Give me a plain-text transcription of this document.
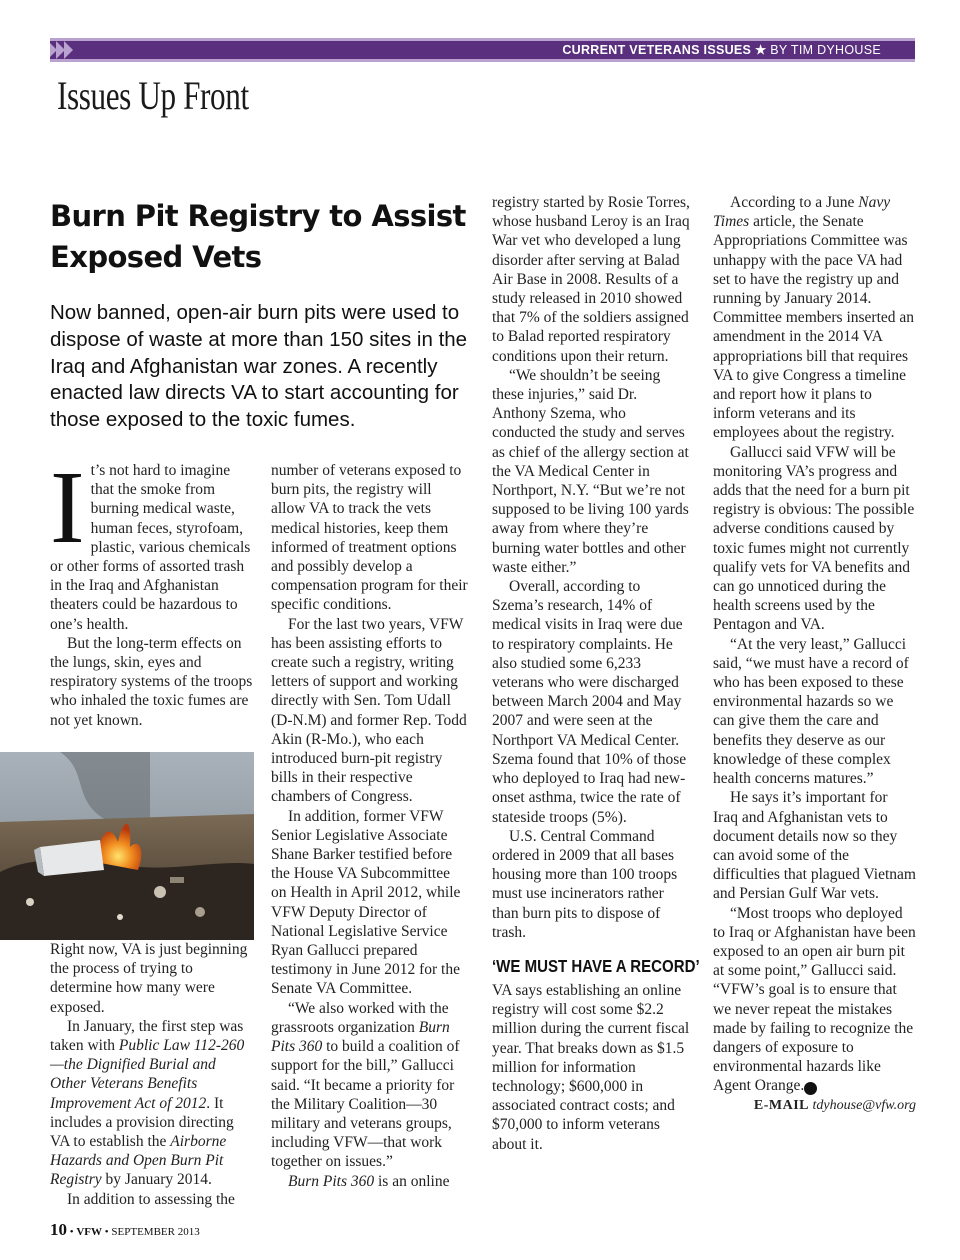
CURRENT VETERANS ISSUES ★ BY TIM DYHOUSE
Issues Up Front
Burn Pit Registry to Assist Exposed Vets
Now banned, open-air burn pits were used to dispose of waste at more than 150 sites in the Iraq and Afghanistan war zones. A recently enacted law directs VA to start accounting for those exposed to the toxic fumes.
I t’s not hard to imagine that the smoke from burning medical waste, human feces, styrofoam, plastic, various chemicals or other forms of assorted trash in the Iraq and Afghanistan theaters could be hazardous to one’s health.

But the long-term effects on the lungs, skin, eyes and respiratory systems of the troops who inhaled the toxic fumes are not yet known.

Right now, VA is just beginning the process of trying to determine how many were exposed.

In January, the first step was taken with Public Law 112-260—the Dignified Burial and Other Veterans Benefits Improvement Act of 2012. It includes a provision directing VA to establish the Airborne Hazards and Open Burn Pit Registry by January 2014.

In addition to assessing the

number of veterans exposed to burn pits, the registry will allow VA to track the vets medical histories, keep them informed of treatment options and possibly develop a compensation program for their specific conditions.

For the last two years, VFW has been assisting efforts to create such a registry, writing letters of support and working directly with Sen. Tom Udall (D-N.M) and former Rep. Todd Akin (R-Mo.), who each introduced burn-pit registry bills in their respective chambers of Congress.

In addition, former VFW Senior Legislative Associate Shane Barker testified before the House VA Subcommittee on Health in April 2012, while VFW Deputy Director of National Legislative Service Ryan Gallucci prepared testimony in June 2012 for the Senate VA Committee.

“We also worked with the grassroots organization Burn Pits 360 to build a coalition of support for the bill,” Gallucci said. “It became a priority for the Military Coalition—30 military and veterans groups, including VFW—that work together on issues.”

Burn Pits 360 is an online

registry started by Rosie Torres, whose husband Leroy is an Iraq War vet who developed a lung disorder after serving at Balad Air Base in 2008. Results of a study released in 2010 showed that 7% of the soldiers assigned to Balad reported respiratory conditions upon their return.

“We shouldn’t be seeing these injuries,” said Dr. Anthony Szema, who conducted the study and serves as chief of the allergy section at the VA Medical Center in Northport, N.Y. “But we’re not supposed to be living 100 yards away from where they’re burning water bottles and other waste either.”

Overall, according to Szema’s research, 14% of medical visits in Iraq were due to respiratory complaints. He also studied some 6,233 veterans who were discharged between March 2004 and May 2007 and were seen at the Northport VA Medical Center. Szema found that 10% of those who deployed to Iraq had new-onset asthma, twice the rate of stateside troops (5%).

U.S. Central Command ordered in 2009 that all bases housing more than 100 troops must use incinerators rather than burn pits to dispose of trash.

‘WE MUST HAVE A RECORD’

VA says establishing an online registry will cost some $2.2 million during the current fiscal year. That breaks down as $1.5 million for information technology; $600,000 in associated contract costs; and $70,000 to inform veterans about it.

According to a June Navy Times article, the Senate Appropriations Committee was unhappy with the pace VA had set to have the registry up and running by January 2014. Committee members inserted an amendment in the 2014 VA appropriations bill that requires VA to give Congress a timeline and report how it plans to inform veterans and its employees about the registry.

Gallucci said VFW will be monitoring VA’s progress and adds that the need for a burn pit registry is obvious: The possible adverse conditions caused by toxic fumes might not currently qualify vets for VA benefits and can go unnoticed during the health screens used by the Pentagon and VA.

“At the very least,” Gallucci said, “we must have a record of who has been exposed to these environmental hazards so we can give them the care and benefits they deserve as our knowledge of these complex health concerns matures.”

He says it’s important for Iraq and Afghanistan vets to document details now so they can avoid some of the difficulties that plagued Vietnam and Persian Gulf War vets.

“Most troops who deployed to Iraq or Afghanistan have been exposed to an open air burn pit at some point,” Gallucci said. “VFW’s goal is to ensure that we never repeat the mistakes made by failing to recognize the dangers of exposure to environmental hazards like Agent Orange. ✪

E-MAIL tdyhouse@vfw.org
10 • VFW • SEPTEMBER 2013
